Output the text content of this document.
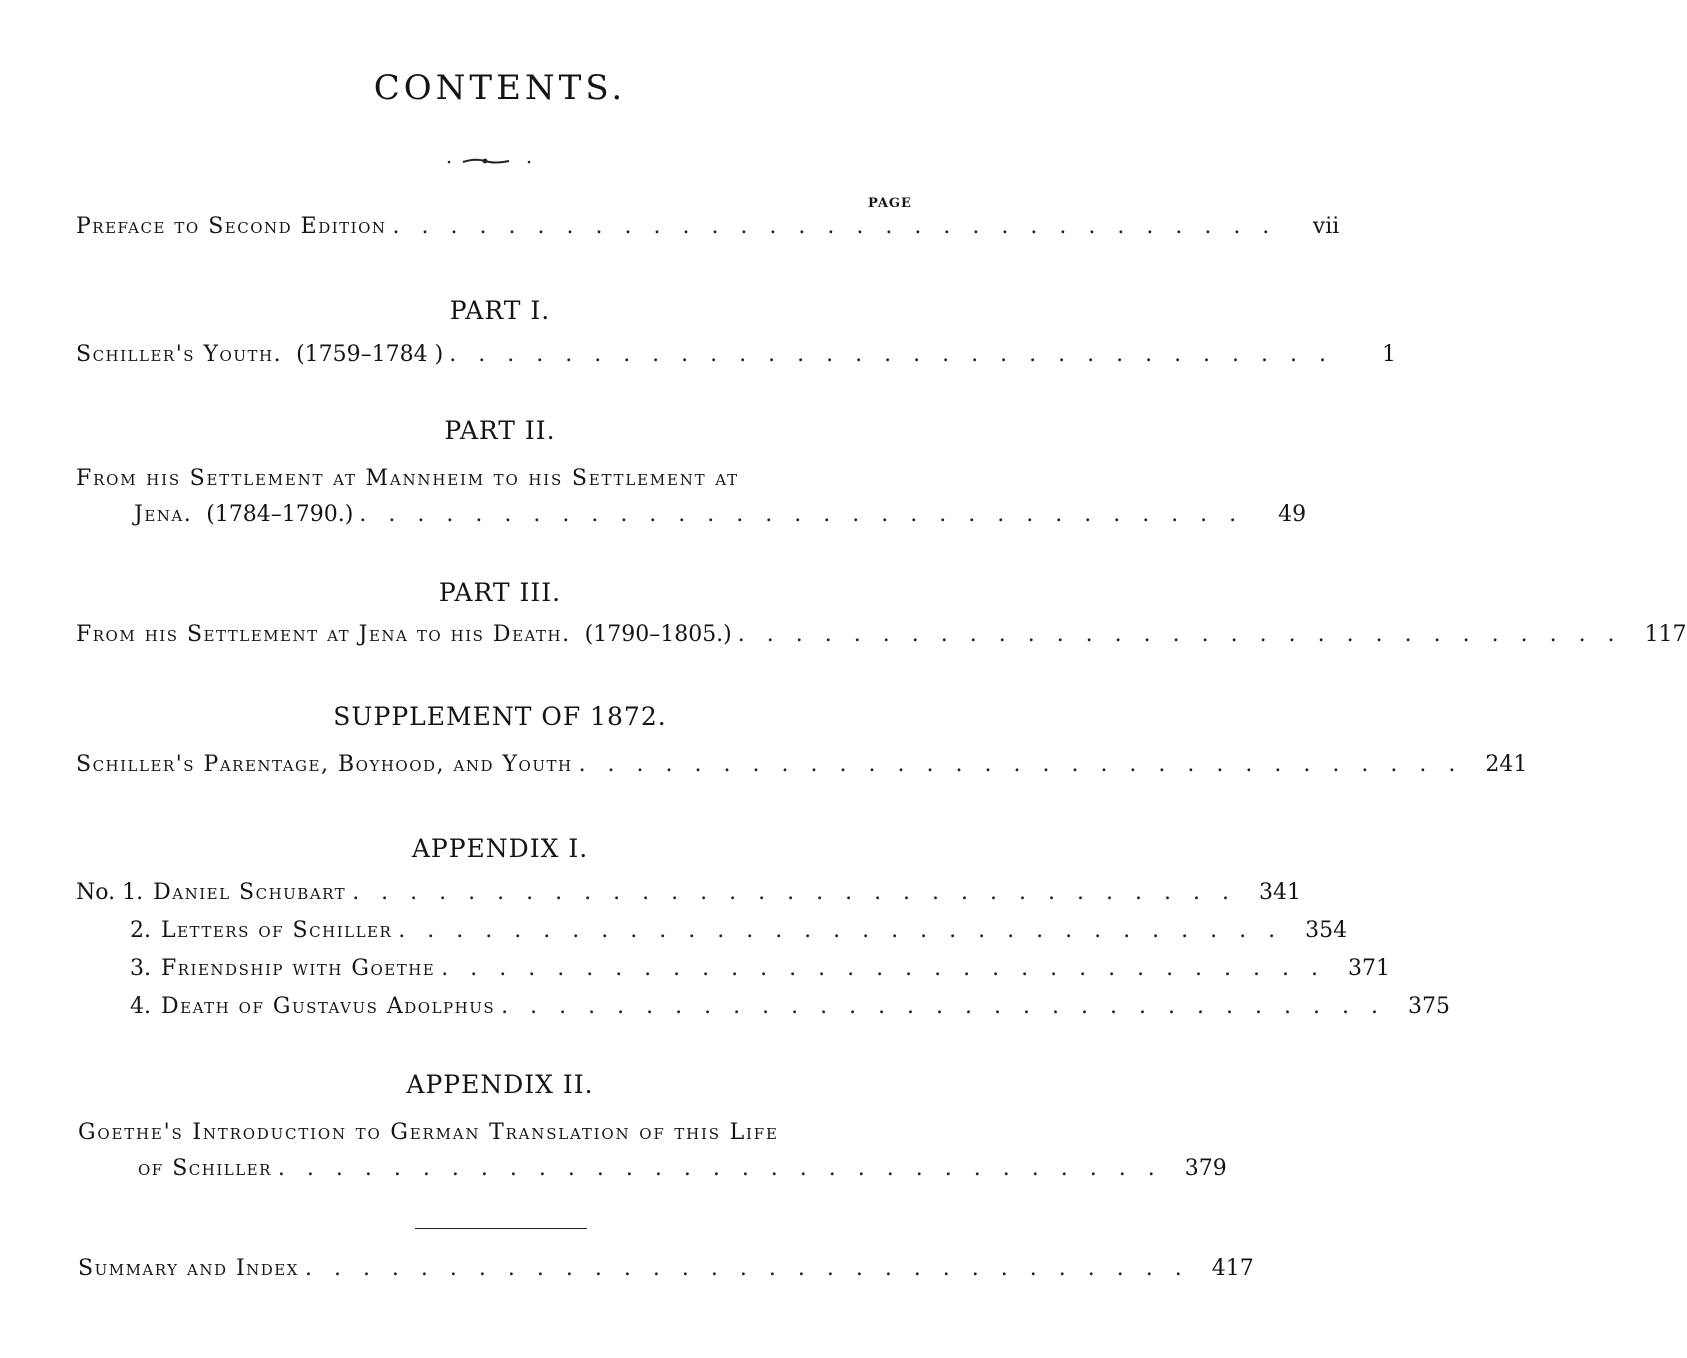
CONTENTS.
PAGE
Preface to Second Edition ............................... vii
PART I.
Schiller's Youth. (1759–1784 ) ...............................	1
PART II.
From his Settlement at Mannheim to his Settlement at
Jena. (1784–1790.) ............................... 49
PART III.
From his Settlement at Jena to his Death. (1790–1805.) ............................... 117
SUPPLEMENT OF 1872.
Schiller's Parentage, Boyhood, and Youth ............................... 241
APPENDIX I.
No. 1. Daniel Schubart ............................... 341
2. Letters of Schiller ............................... 354
3. Friendship with Goethe ............................... 371
4. Death of Gustavus Adolphus ............................... 375
APPENDIX II.
Goethe's Introduction to German Translation of this Life
of Schiller ............................... 379
Summary and Index ............................... 417
